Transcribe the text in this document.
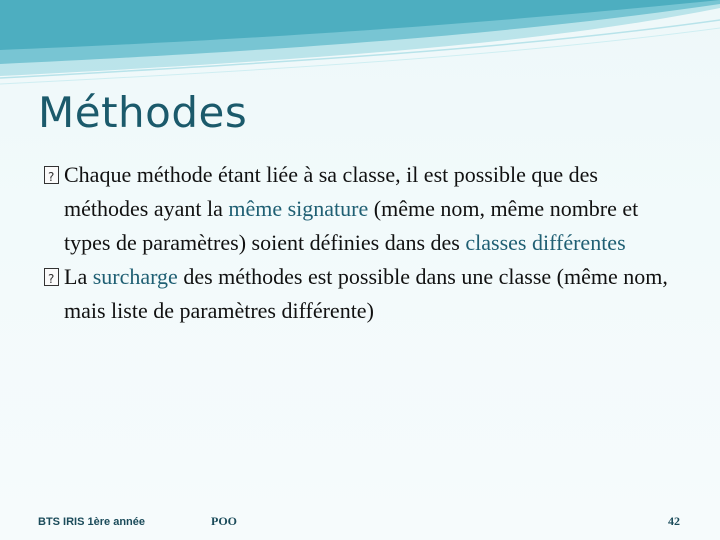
Méthodes
?
Chaque méthode étant liée à sa classe, il est possible que des méthodes ayant la même signature (même nom, même nombre et types de paramètres) soient définies dans des classes différentes
?
La surcharge des méthodes est possible dans une classe (même nom, mais liste de paramètres différente)
BTS IRIS 1ère année	POO	42
